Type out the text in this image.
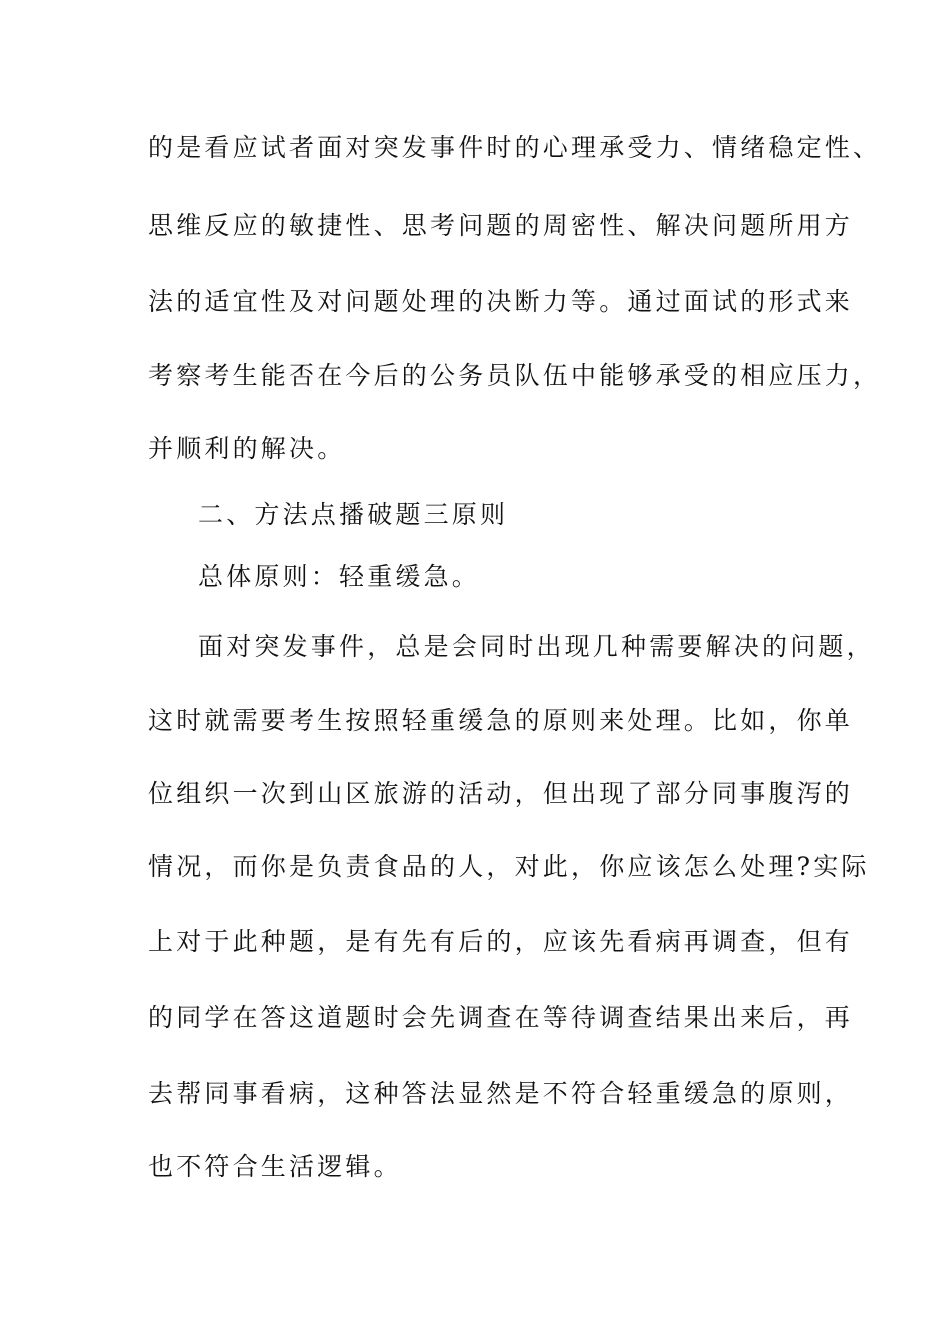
的是看应试者面对突发事件时的心理承受力、情绪稳定性、
思维反应的敏捷性、思考问题的周密性、解决问题所用方
法的适宜性及对问题处理的决断力等。通过面试的形式来
考察考生能否在今后的公务员队伍中能够承受的相应压力，
并顺利的解决。
二、方法点播破题三原则
总体原则：轻重缓急。
面对突发事件，总是会同时出现几种需要解决的问题，
这时就需要考生按照轻重缓急的原则来处理。比如，你单
位组织一次到山区旅游的活动，但出现了部分同事腹泻的
情况，而你是负责食品的人，对此，你应该怎么处理?实际
上对于此种题，是有先有后的，应该先看病再调查，但有
的同学在答这道题时会先调查在等待调查结果出来后，再
去帮同事看病，这种答法显然是不符合轻重缓急的原则，
也不符合生活逻辑。
